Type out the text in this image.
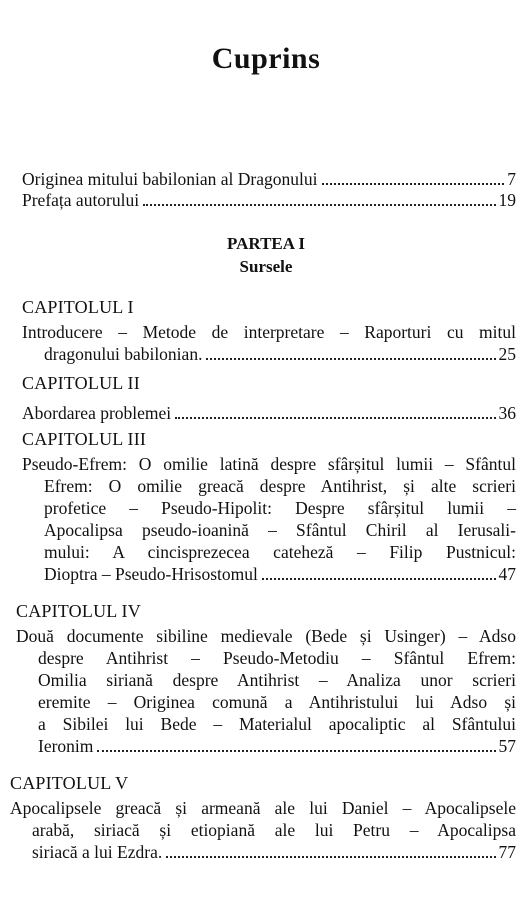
Cuprins
Originea mitului babilonian al Dragonului	7
Prefața autorului	19
PARTEA I
Sursele
CAPITOLUL I
Introducere – Metode de interpretare – Raporturi cu mitul
dragonului babilonian.	25
CAPITOLUL II
Abordarea problemei	36
CAPITOLUL III
Pseudo-Efrem: O omilie latină despre sfârșitul lumii – Sfântul
Efrem: O omilie greacă despre Antihrist, și alte scrieri
profetice – Pseudo-Hipolit: Despre sfârșitul lumii –
Apocalipsa pseudo-ioanină – Sfântul Chiril al Ierusali-
mului: A cincisprezecea cateheză – Filip Pustnicul:
Dioptra – Pseudo-Hrisostomul	47
CAPITOLUL IV
Două documente sibiline medievale (Bede și Usinger) – Adso
despre Antihrist – Pseudo-Metodiu – Sfântul Efrem:
Omilia siriană despre Antihrist – Analiza unor scrieri
eremite – Originea comună a Antihristului lui Adso și
a Sibilei lui Bede – Materialul apocaliptic al Sfântului
Ieronim	57
CAPITOLUL V
Apocalipsele greacă și armeană ale lui Daniel – Apocalipsele
arabă, siriacă și etiopiană ale lui Petru – Apocalipsa
siriacă a lui Ezdra.	77
